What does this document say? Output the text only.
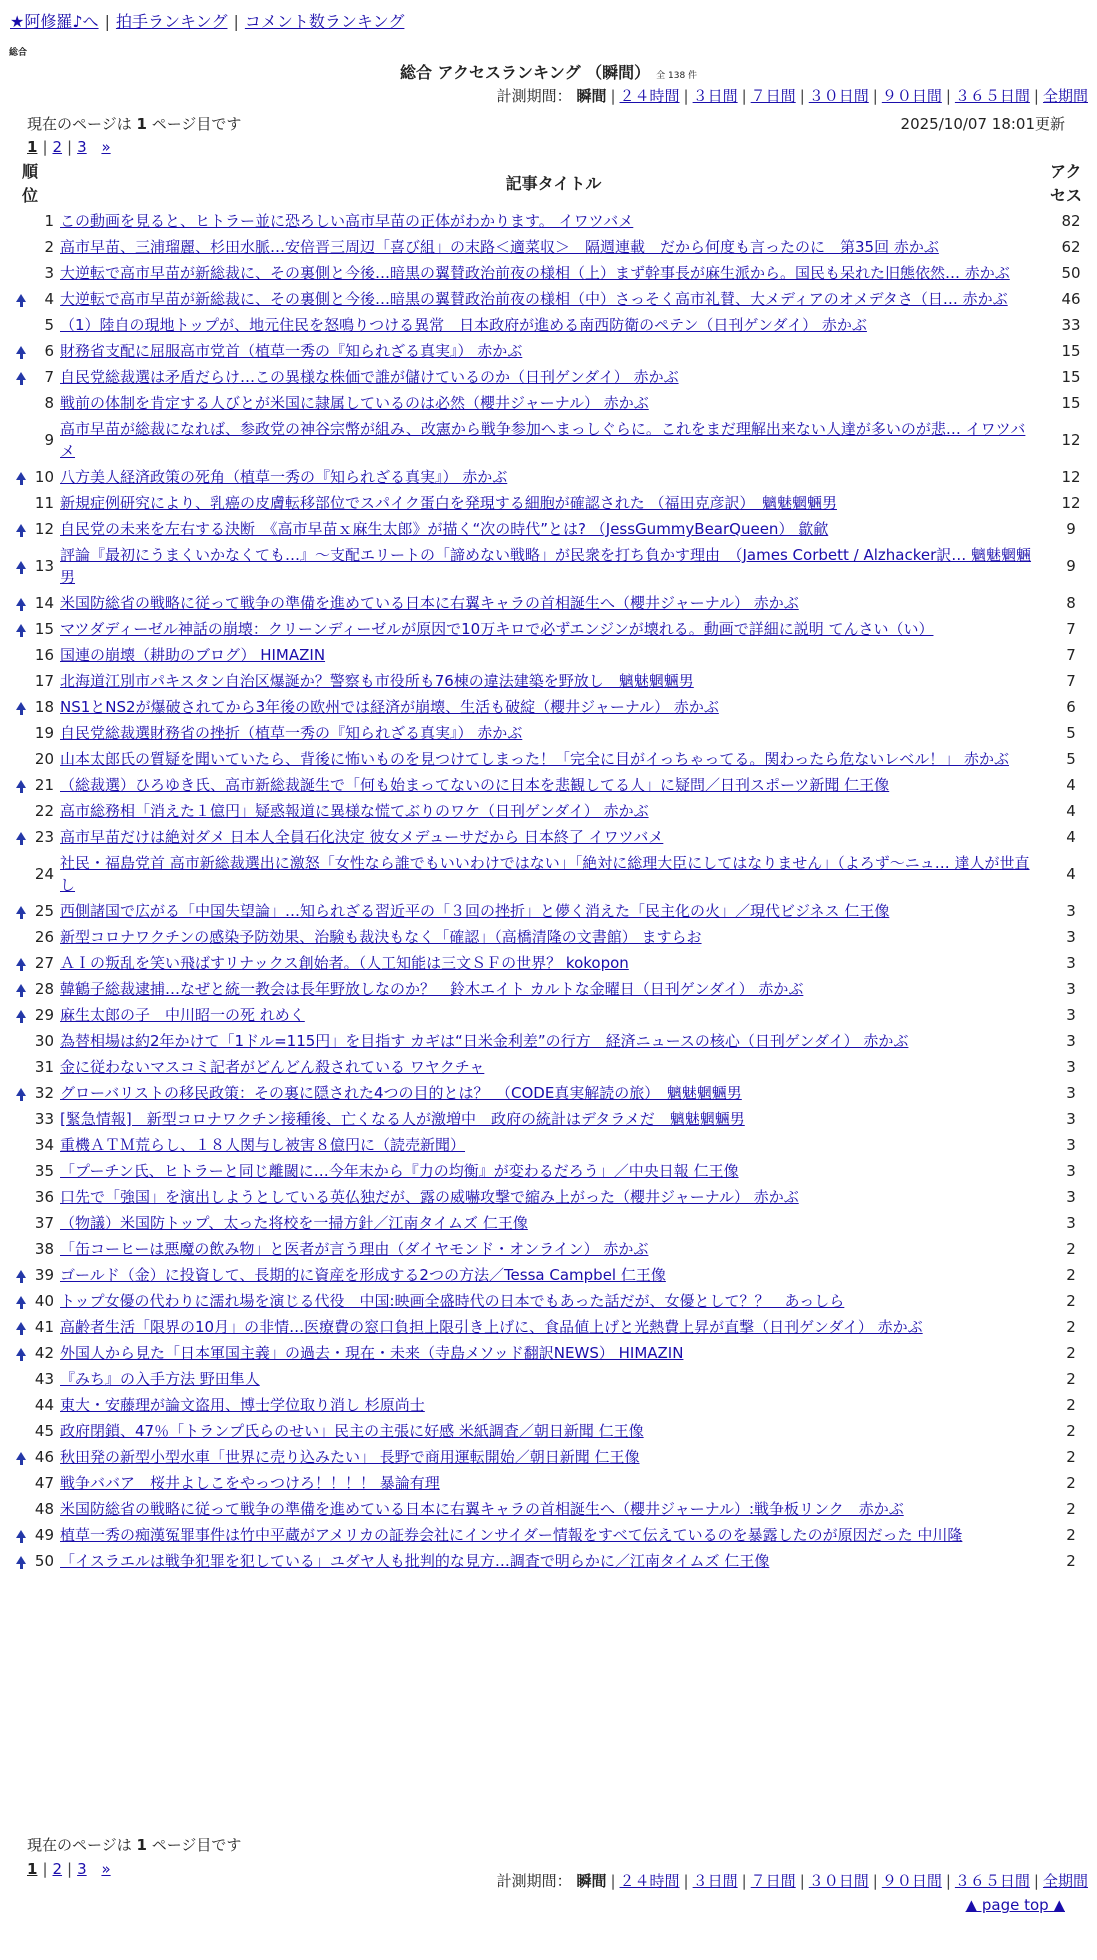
★阿修羅♪へ | 拍手ランキング | コメント数ランキング
総合
総合 アクセスランキング （瞬間） 全 138 件
計測期間： 瞬間 | ２４時間 | ３日間 | ７日間 | ３０日間 | ９０日間 | ３６５日間 | 全期間
現在のページは 1 ページ目です	2025/10/07 18:01更新
1 | 2 | 3 »
順位		記事タイトル	アクセス
	1	この動画を見ると、ヒトラー並に恐ろしい高市早苗の正体がわかります。 イワツバメ	82
	2	高市早苗、三浦瑠麗、杉田水脈…安倍晋三周辺「喜び組」の末路＜適菜収＞　隔週連載　だから何度も言ったのに　第35回 赤かぶ	62
	3	大逆転で高市早苗が新総裁に、その裏側と今後…暗黒の翼賛政治前夜の様相（上）まず幹事長が麻生派から。国民も呆れた旧態依然… 赤かぶ	50
	4	大逆転で高市早苗が新総裁に、その裏側と今後…暗黒の翼賛政治前夜の様相（中）さっそく高市礼賛、大メディアのオメデタさ（日… 赤かぶ	46
	5	（1）陸自の現地トップが、地元住民を怒鳴りつける異常　日本政府が進める南西防衛のペテン（日刊ゲンダイ） 赤かぶ	33
	6	財務省支配に屈服高市党首（植草一秀の『知られざる真実』） 赤かぶ	15
	7	自民党総裁選は矛盾だらけ…この異様な株価で誰が儲けているのか（日刊ゲンダイ） 赤かぶ	15
	8	戦前の体制を肯定する人びとが米国に隷属しているのは必然（櫻井ジャーナル） 赤かぶ	15
	9	高市早苗が総裁になれば、参政党の神谷宗幣が組み、改憲から戦争参加へまっしぐらに。これをまだ理解出来ない人達が多いのが悲… イワツバメ	12
	10	八方美人経済政策の死角（植草一秀の『知られざる真実』） 赤かぶ	12
	11	新規症例研究により、乳癌の皮膚転移部位でスパイク蛋白を発現する細胞が確認された （福田克彦訳）　魑魅魍魎男	12
	12	自民党の未来を左右する決断　《高市早苗ｘ麻生太郎》が描く“次の時代”とは? （JessGummyBearQueen） 歙歈	9
	13	評論『最初にうまくいかなくても…』〜支配エリートの「諦めない戦略」が民衆を打ち負かす理由　（James Corbett / Alzhacker訳… 魑魅魍魎男	9
	14	米国防総省の戦略に従って戦争の準備を進めている日本に右翼キャラの首相誕生へ（櫻井ジャーナル） 赤かぶ	8
	15	マツダディーゼル神話の崩壊：クリーンディーゼルが原因で10万キロで必ずエンジンが壊れる。動画で詳細に説明 てんさい（い）	7
	16	国連の崩壊（耕助のブログ） HIMAZIN	7
	17	北海道江別市パキスタン自治区爆誕か？警察も市役所も76棟の違法建築を野放し　魑魅魍魎男	7
	18	NS1とNS2が爆破されてから3年後の欧州では経済が崩壊、生活も破綻（櫻井ジャーナル） 赤かぶ	6
	19	自民党総裁選財務省の挫折（植草一秀の『知られざる真実』） 赤かぶ	5
	20	山本太郎氏の質疑を聞いていたら、背後に怖いものを見つけてしまった！「完全に目がイっちゃってる。関わったら危ないレベル！」 赤かぶ	5
	21	（総裁選）ひろゆき氏、高市新総裁誕生で「何も始まってないのに日本を悲観してる人」に疑問／日刊スポーツ新聞 仁王像	4
	22	高市総務相「消えた１億円」疑惑報道に異様な慌てぶりのワケ（日刊ゲンダイ） 赤かぶ	4
	23	高市早苗だけは絶対ダメ 日本人全員石化決定 彼女メデューサだから 日本終了 イワツバメ	4
	24	社民・福島党首 高市新総裁選出に激怒「女性なら誰でもいいわけではない」「絶対に総理大臣にしてはなりません」（よろず〜ニュ… 達人が世直し	4
	25	西側諸国で広がる「中国失望論」…知られざる習近平の「３回の挫折」と儚く消えた「民主化の火」／現代ビジネス 仁王像	3
	26	新型コロナワクチンの感染予防効果、治験も裁決もなく「確認」（高橋清隆の文書館） ますらお	3
	27	ＡＩの叛乱を笑い飛ばすリナックス創始者。（人工知能は三文ＳＦの世界？ kokopon	3
	28	韓鶴子総裁逮捕…なぜと統一教会は長年野放しなのか？　鈴木エイト カルトな金曜日（日刊ゲンダイ） 赤かぶ	3
	29	麻生太郎の子　中川昭一の死 れめく	3
	30	為替相場は約2年かけて「1ドル=115円」を目指す カギは“日米金利差”の行方　経済ニュースの核心（日刊ゲンダイ） 赤かぶ	3
	31	金に従わないマスコミ記者がどんどん殺されている ワヤクチャ	3
	32	グローバリストの移民政策：その裏に隠された4つの目的とは？　（CODE真実解読の旅）　魑魅魍魎男	3
	33	[緊急情報]　新型コロナワクチン接種後、亡くなる人が激増中　政府の統計はデタラメだ　魑魅魍魎男	3
	34	重機ＡＴＭ荒らし、１８人関与し被害８億円に（読売新聞）	3
	35	「プーチン氏、ヒトラーと同じ離閾に…今年末から『力の均衡』が変わるだろう」／中央日報 仁王像	3
	36	口先で「強国」を演出しようとしている英仏独だが、露の威嚇攻撃で縮み上がった（櫻井ジャーナル） 赤かぶ	3
	37	（物議）米国防トップ、太った将校を一掃方針／江南タイムズ 仁王像	3
	38	「缶コーヒーは悪魔の飲み物」と医者が言う理由（ダイヤモンド・オンライン） 赤かぶ	2
	39	ゴールド（金）に投資して、長期的に資産を形成する2つの方法／Tessa Campbel 仁王像	2
	40	トップ女優の代わりに濡れ場を演じる代役　中国:映画全盛時代の日本でもあった話だが、女優として？？　あっしら	2
	41	高齢者生活「限界の10月」の非情…医療費の窓口負担上限引き上げに、食品値上げと光熱費上昇が直撃（日刊ゲンダイ） 赤かぶ	2
	42	外国人から見た「日本軍国主義」の過去・現在・未来（寺島メソッド翻訳NEWS） HIMAZIN	2
	43	『みち』の入手方法 野田隼人	2
	44	東大・安藤理が論文盗用、博士学位取り消し 杉原尚士	2
	45	政府閉鎖、47％「トランプ氏らのせい」民主の主張に好感 米紙調査／朝日新聞 仁王像	2
	46	秋田発の新型小型水車「世界に売り込みたい」 長野で商用運転開始／朝日新聞 仁王像	2
	47	戦争ババア　桜井よしこをやっつけろ！！！！ 暴論有理	2
	48	米国防総省の戦略に従って戦争の準備を進めている日本に右翼キャラの首相誕生へ（櫻井ジャーナル）:戦争板リンク　赤かぶ	2
	49	植草一秀の痴漢冤罪事件は竹中平蔵がアメリカの証券会社にインサイダー情報をすべて伝えているのを暴露したのが原因だった 中川隆	2
	50	「イスラエルは戦争犯罪を犯している」ユダヤ人も批判的な見方…調査で明らかに／江南タイムズ 仁王像	2
現在のページは 1 ページ目です
1 | 2 | 3 »
計測期間： 瞬間 | ２４時間 | ３日間 | ７日間 | ３０日間 | ９０日間 | ３６５日間 | 全期間
▲ page top ▲
